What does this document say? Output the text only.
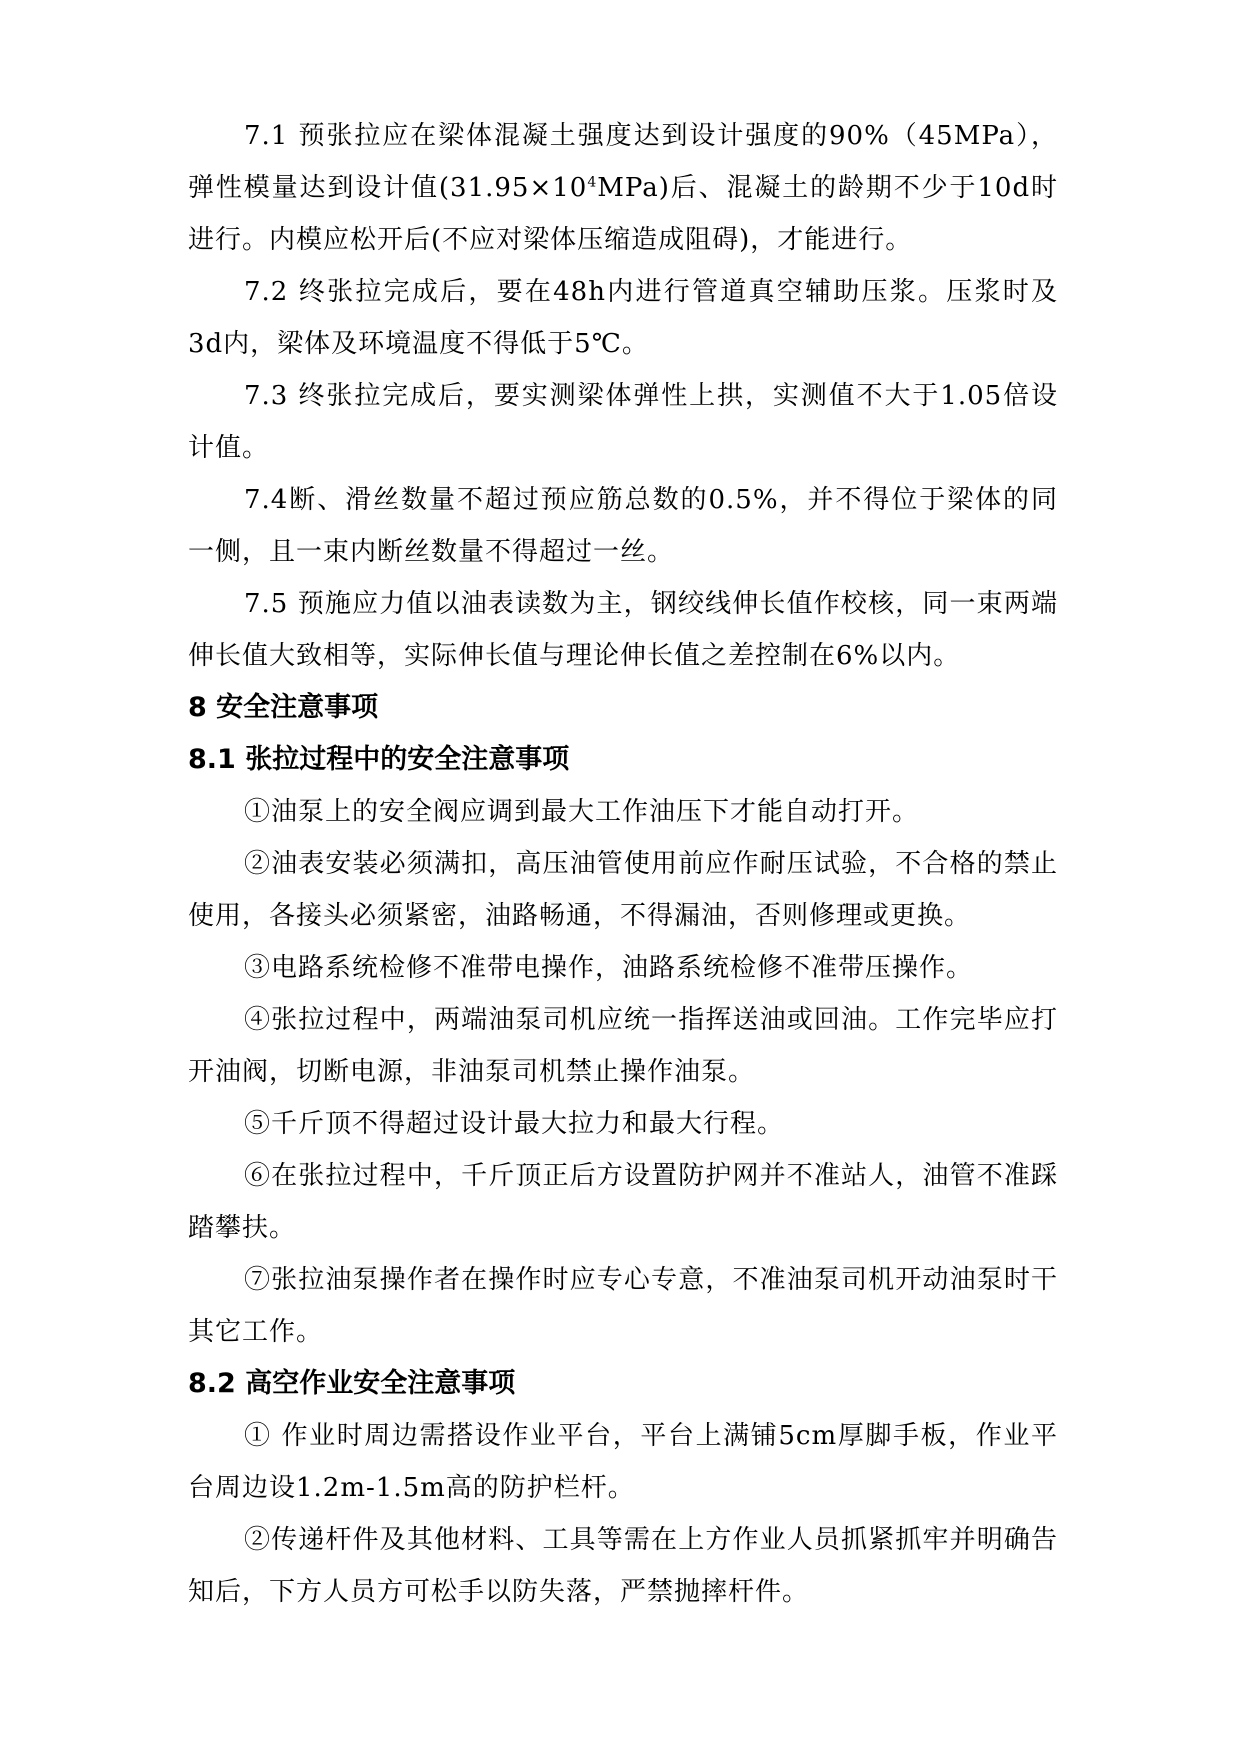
7.1 预张拉应在梁体混凝土强度达到设计强度的90%（45MPa），弹性模量达到设计值$(31.95\times 10^4MPa)$后、混凝土的龄期不少于10d时进行。内模应松开后(不应对梁体压缩造成阻碍)，才能进行。

7.2 终张拉完成后，要在48h内进行管道真空辅助压浆。压浆时及3d内，梁体及环境温度不得低于5℃。

7.3 终张拉完成后，要实测梁体弹性上拱，实测值不大于1.05倍设计值。

7.4断、滑丝数量不超过预应筋总数的0.5%，并不得位于梁体的同一侧，且一束内断丝数量不得超过一丝。

7.5 预施应力值以油表读数为主，钢绞线伸长值作校核，同一束两端伸长值大致相等，实际伸长值与理论伸长值之差控制在6%以内。

8 安全注意事项
8.1 张拉过程中的安全注意事项

①油泵上的安全阀应调到最大工作油压下才能自动打开。

②油表安装必须满扣，高压油管使用前应作耐压试验，不合格的禁止使用，各接头必须紧密，油路畅通，不得漏油，否则修理或更换。

③电路系统检修不准带电操作，油路系统检修不准带压操作。

④张拉过程中，两端油泵司机应统一指挥送油或回油。工作完毕应打开油阀，切断电源，非油泵司机禁止操作油泵。

⑤千斤顶不得超过设计最大拉力和最大行程。

⑥在张拉过程中，千斤顶正后方设置防护网并不准站人，油管不准踩踏攀扶。

⑦张拉油泵操作者在操作时应专心专意，不准油泵司机开动油泵时干其它工作。

8.2 高空作业安全注意事项

① 作业时周边需搭设作业平台，平台上满铺5cm厚脚手板，作业平台周边设1.2m-1.5m高的防护栏杆。

②传递杆件及其他材料、工具等需在上方作业人员抓紧抓牢并明确告知后，下方人员方可松手以防失落，严禁抛摔杆件。
